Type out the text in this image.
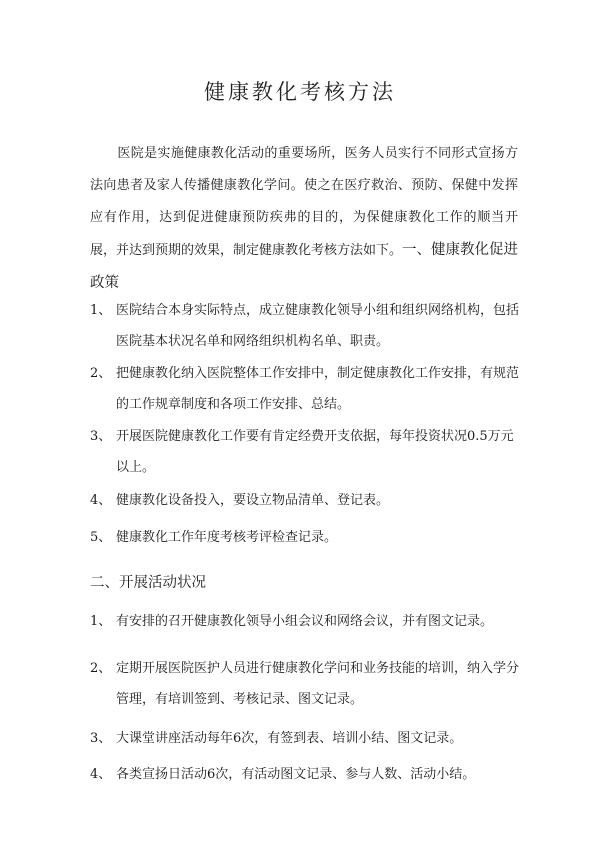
健康教化考核方法
医院是实施健康教化活动的重要场所，医务人员实行不同形式宣扬方法向患者及家人传播健康教化学问。使之在医疗救治、预防、保健中发挥应有作用，达到促进健康预防疾弗的目的，为保健康教化工作的顺当开展，并达到预期的效果，制定健康教化考核方法如下。一、健康教化促进政策
1、 医院结合本身实际特点，成立健康教化领导小组和组织网络机构，包括
医院基本状况名单和网络组织机构名单、职责。
2、 把健康教化纳入医院整体工作安排中，制定健康教化工作安排，有规范
的工作规章制度和各项工作安排、总结。
3、 开展医院健康教化工作要有肯定经费开支依据，每年投资状况0.5万元
以上。
4、 健康教化设备投入，要设立物品清单、登记表。
5、 健康教化工作年度考核考评检查记录。
二、开展活动状况
1、 有安排的召开健康教化领导小组会议和网络会议，并有图文记录。
2、 定期开展医院医护人员进行健康教化学问和业务技能的培训，纳入学分
管理，有培训签到、考核记录、图文记录。
3、 大课堂讲座活动每年6次，有签到表、培训小结、图文记录。
4、 各类宣扬日活动6次，有活动图文记录、参与人数、活动小结。
